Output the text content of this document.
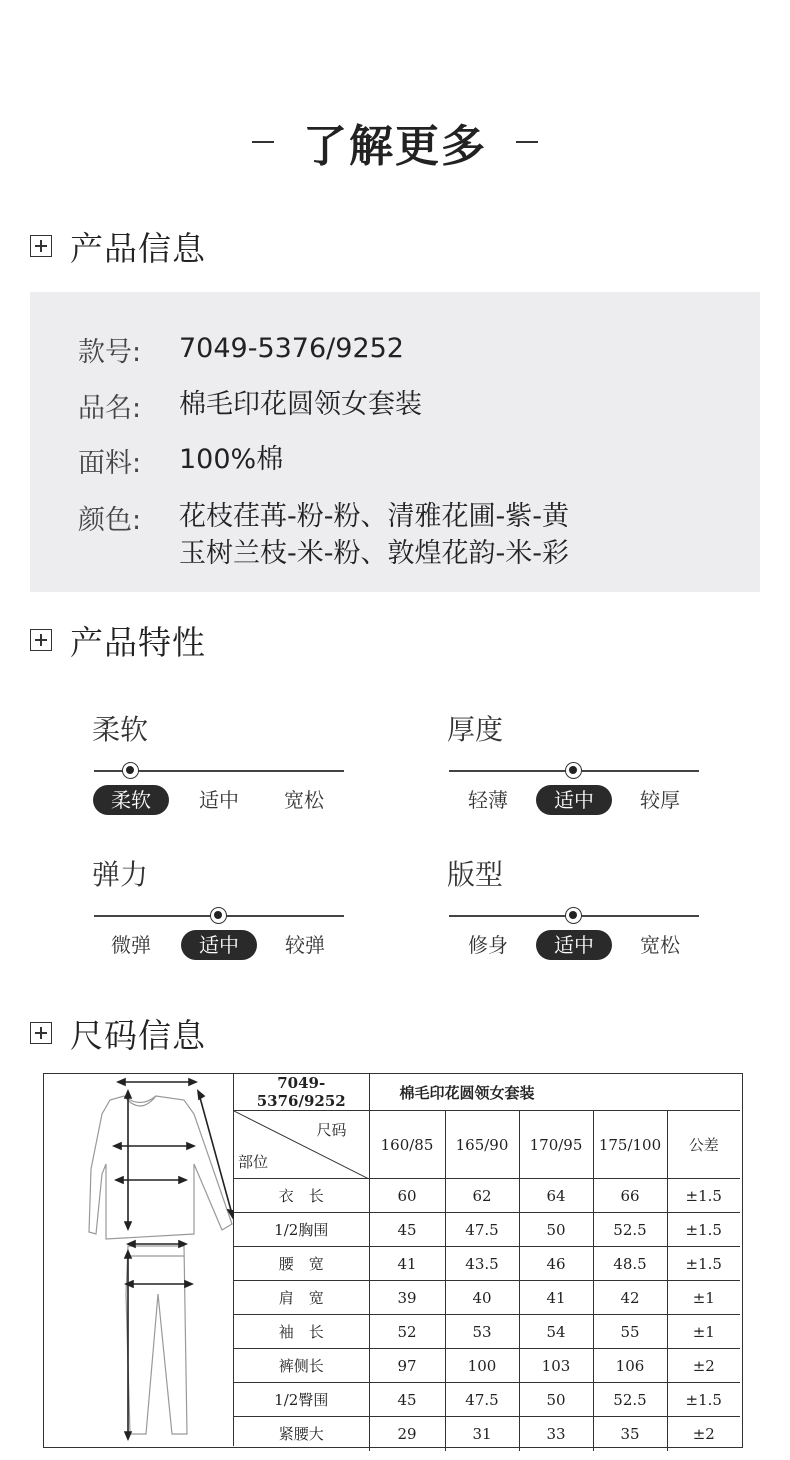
了解更多
产品信息
款号:	7049-5376/9252
品名:	棉毛印花圆领女套装
面料:	100%棉
颜色:	花枝荏苒-粉-粉、清雅花圃-紫-黄
玉树兰枝-米-粉、敦煌花韵-米-彩
产品特性
柔软
柔软	适中	宽松
厚度
轻薄	适中	较厚
弹力
微弹	适中	较弹
版型
修身	适中	宽松
尺码信息
7049-5376/9252	棉毛印花圆领女套装				

尺码
部位	160/85	165/90	170/95	175/100	公差
衣　长	60	62	64	66	±1.5
1/2胸围	45	47.5	50	52.5	±1.5
腰　宽	41	43.5	46	48.5	±1.5
肩　宽	39	40	41	42	±1
袖　长	52	53	54	55	±1
裤侧长	97	100	103	106	±2
1/2臀围	45	47.5	50	52.5	±1.5
紧腰大	29	31	33	35	±2
